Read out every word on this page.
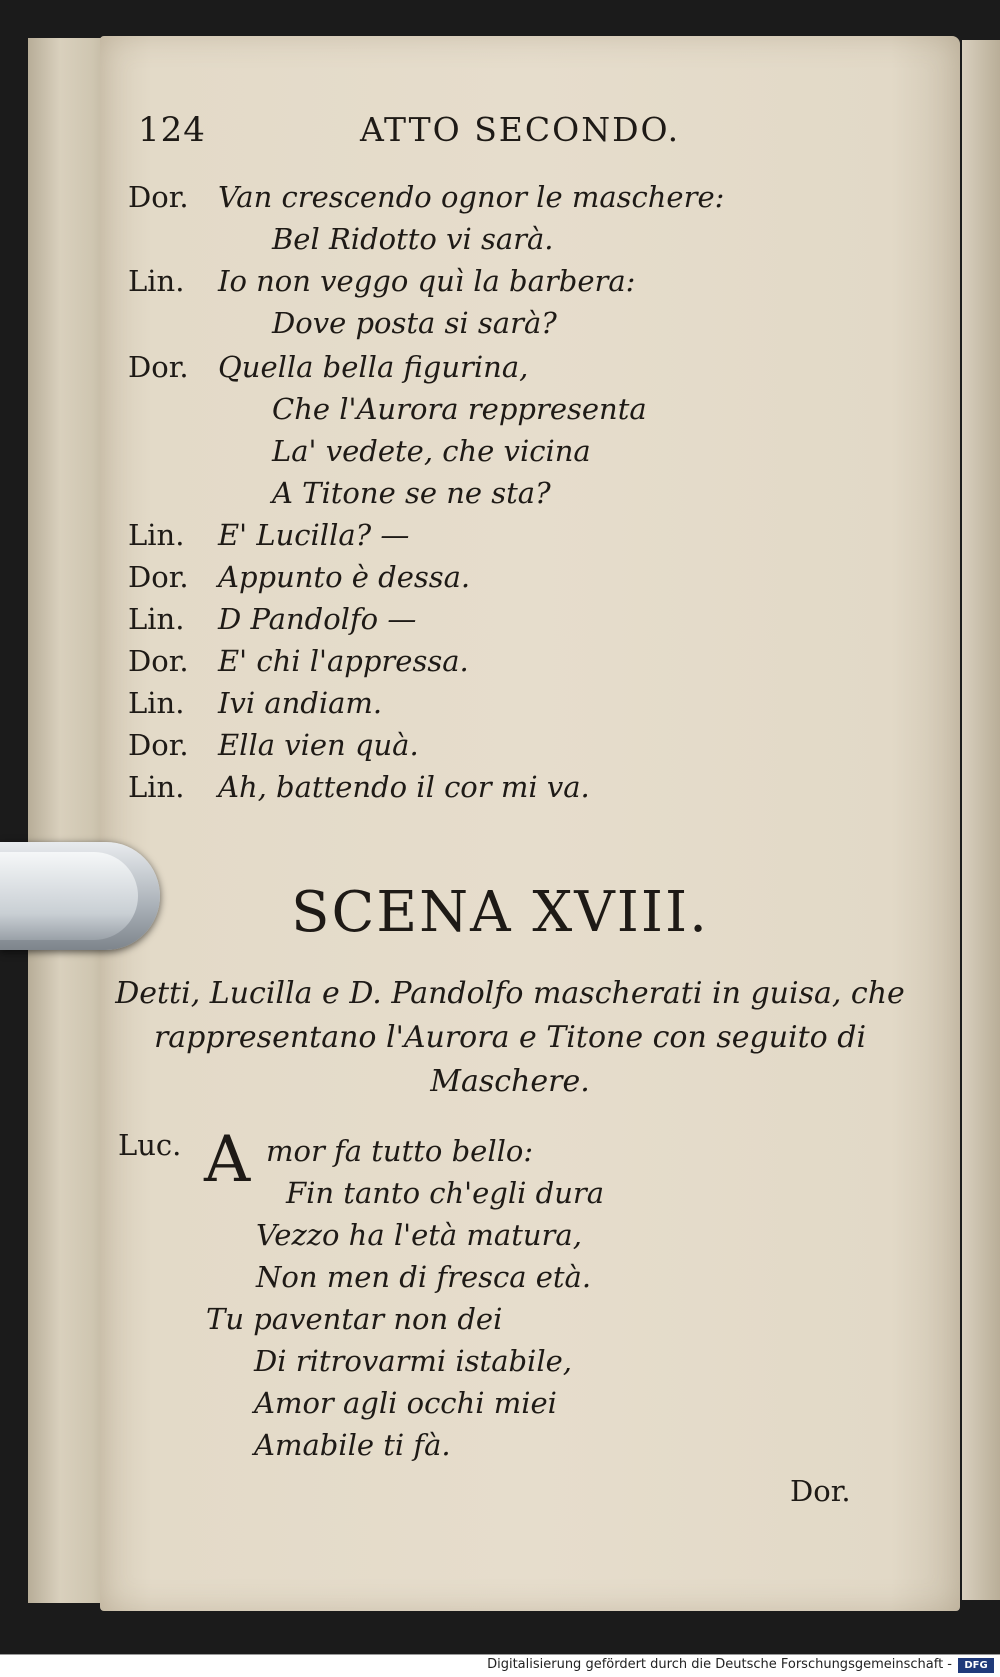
124	ATTO SECONDO.
Dor. Van crescendo ognor le maschere:
Bel Ridotto vi sarà.
Lin. Io non veggo quì la barbera:
Dove posta si sarà?
Dor. Quella bella figurina,
Che l'Aurora reppresenta
La' vedete, che vicina
A Titone se ne sta?
Lin. E' Lucilla? —
Dor. Appunto è dessa.
Lin. D Pandolfo —
Dor. E' chi l'appressa.
Lin. Ivi andiam.
Dor. Ella vien quà.
Lin. Ah, battendo il cor mi va.
SCENA XVIII.
Detti, Lucilla e D. Pandolfo mascherati in guisa, che rappresentano l'Aurora e Titone con seguito di Maschere.
Luc. A mor fa tutto bello:
Fin tanto ch'egli dura
Vezzo ha l'età matura,
Non men di fresca età.
Tu paventar non dei
Di ritrovarmi istabile,
Amor agli occhi miei
Amabile ti fà.
Dor.
Digitalisierung gefördert durch die Deutsche Forschungsgemeinschaft -	DFG
